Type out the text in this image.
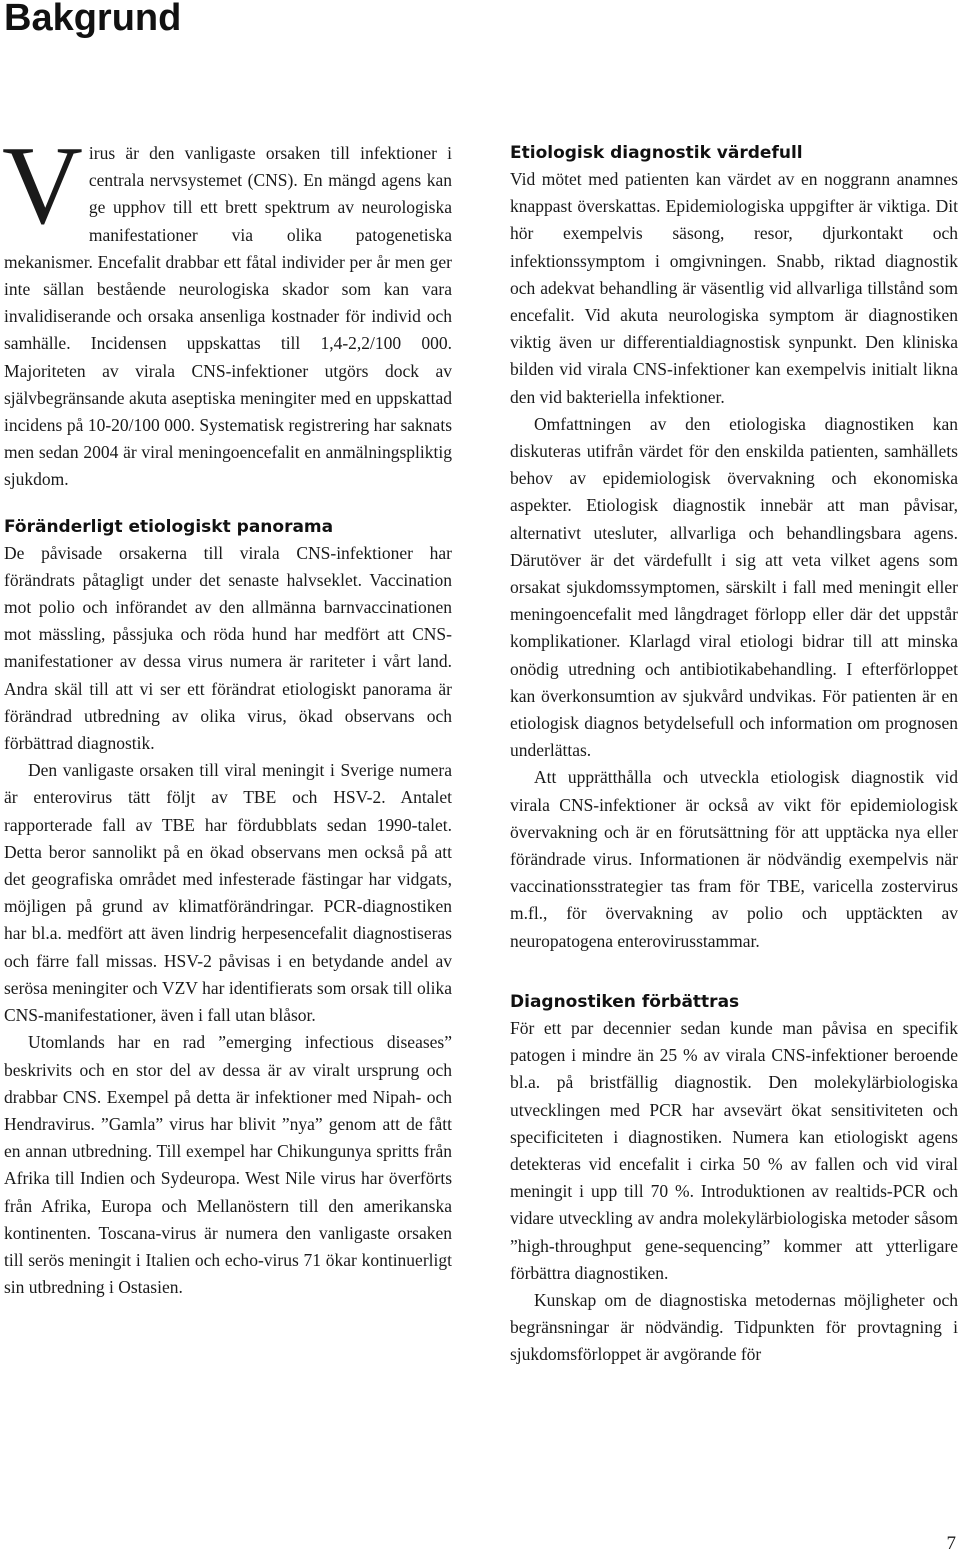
Bakgrund

Virus är den vanligaste orsaken till infektioner i centrala nervsystemet (CNS). En mängd agens kan ge upphov till ett brett spektrum av neurologiska manifestationer via olika patogenetiska mekanismer. Encefalit drabbar ett fåtal individer per år men ger inte sällan bestående neurologiska skador som kan vara invalidiserande och orsaka ansenliga kostnader för individ och samhälle. Incidensen uppskattas till 1,4-2,2/100 000. Majoriteten av virala CNS-infektioner utgörs dock av självbegränsande akuta aseptiska meningiter med en uppskattad incidens på 10-20/100 000. Systematisk registrering har saknats men sedan 2004 är viral meningoencefalit en anmälningspliktig sjukdom.

Föränderligt etiologiskt panorama

De påvisade orsakerna till virala CNS-infektioner har förändrats påtagligt under det senaste halvseklet. Vaccination mot polio och införandet av den allmänna barnvaccinationen mot mässling, påssjuka och röda hund har medfört att CNS-manifestationer av dessa virus numera är rariteter i vårt land. Andra skäl till att vi ser ett förändrat etiologiskt panorama är förändrad utbredning av olika virus, ökad observans och förbättrad diagnostik.

Den vanligaste orsaken till viral meningit i Sverige numera är enterovirus tätt följt av TBE och HSV-2. Antalet rapporterade fall av TBE har fördubblats sedan 1990-talet. Detta beror sannolikt på en ökad observans men också på att det geografiska området med infesterade fästingar har vidgats, möjligen på grund av klimatförändringar. PCR-diagnostiken har bl.a. medfört att även lindrig herpesencefalit diagnostiseras och färre fall missas. HSV-2 påvisas i en betydande andel av serösa meningiter och VZV har identifierats som orsak till olika CNS-manifestationer, även i fall utan blåsor.

Utomlands har en rad ”emerging infectious diseases” beskrivits och en stor del av dessa är av viralt ursprung och drabbar CNS. Exempel på detta är infektioner med Nipah- och Hendravirus. ”Gamla” virus har blivit ”nya” genom att de fått en annan utbredning. Till exempel har Chikungunya spritts från Afrika till Indien och Sydeuropa. West Nile virus har överförts från Afrika, Europa och Mellanöstern till den amerikanska kontinenten. Toscana-virus är numera den vanligaste orsaken till serös meningit i Italien och echo-virus 71 ökar kontinuerligt sin utbredning i Ostasien.

Etiologisk diagnostik värdefull

Vid mötet med patienten kan värdet av en noggrann anamnes knappast överskattas. Epidemiologiska uppgifter är viktiga. Dit hör exempelvis säsong, resor, djurkontakt och infektionssymptom i omgivningen. Snabb, riktad diagnostik och adekvat behandling är väsentlig vid allvarliga tillstånd som encefalit. Vid akuta neurologiska symptom är diagnostiken viktig även ur differentialdiagnostisk synpunkt. Den kliniska bilden vid virala CNS-infektioner kan exempelvis initialt likna den vid bakteriella infektioner.

Omfattningen av den etiologiska diagnostiken kan diskuteras utifrån värdet för den enskilda patienten, samhällets behov av epidemiologisk övervakning och ekonomiska aspekter. Etiologisk diagnostik innebär att man påvisar, alternativt utesluter, allvarliga och behandlingsbara agens. Därutöver är det värdefullt i sig att veta vilket agens som orsakat sjukdomssymptomen, särskilt i fall med meningit eller meningoencefalit med långdraget förlopp eller där det uppstår komplikationer. Klarlagd viral etiologi bidrar till att minska onödig utredning och antibiotikabehandling. I efterförloppet kan överkonsumtion av sjukvård undvikas. För patienten är en etiologisk diagnos betydelsefull och information om prognosen underlättas.

Att upprätthålla och utveckla etiologisk diagnostik vid virala CNS-infektioner är också av vikt för epidemiologisk övervakning och är en förutsättning för att upptäcka nya eller förändrade virus. Informationen är nödvändig exempelvis när vaccinationsstrategier tas fram för TBE, varicella zostervirus m.fl., för övervakning av polio och upptäckten av neuropatogena enterovirusstammar.

Diagnostiken förbättras

För ett par decennier sedan kunde man påvisa en specifik patogen i mindre än 25 % av virala CNS-infektioner beroende bl.a. på bristfällig diagnostik. Den molekylärbiologiska utvecklingen med PCR har avsevärt ökat sensitiviteten och specificiteten i diagnostiken. Numera kan etiologiskt agens detekteras vid encefalit i cirka 50 % av fallen och vid viral meningit i upp till 70 %. Introduktionen av realtids-PCR och vidare utveckling av andra molekylärbiologiska metoder såsom ”high-throughput gene-sequencing” kommer att ytterligare förbättra diagnostiken.

Kunskap om de diagnostiska metodernas möjligheter och begränsningar är nödvändig. Tidpunkten för provtagning i sjukdomsförloppet är avgörande för

7
